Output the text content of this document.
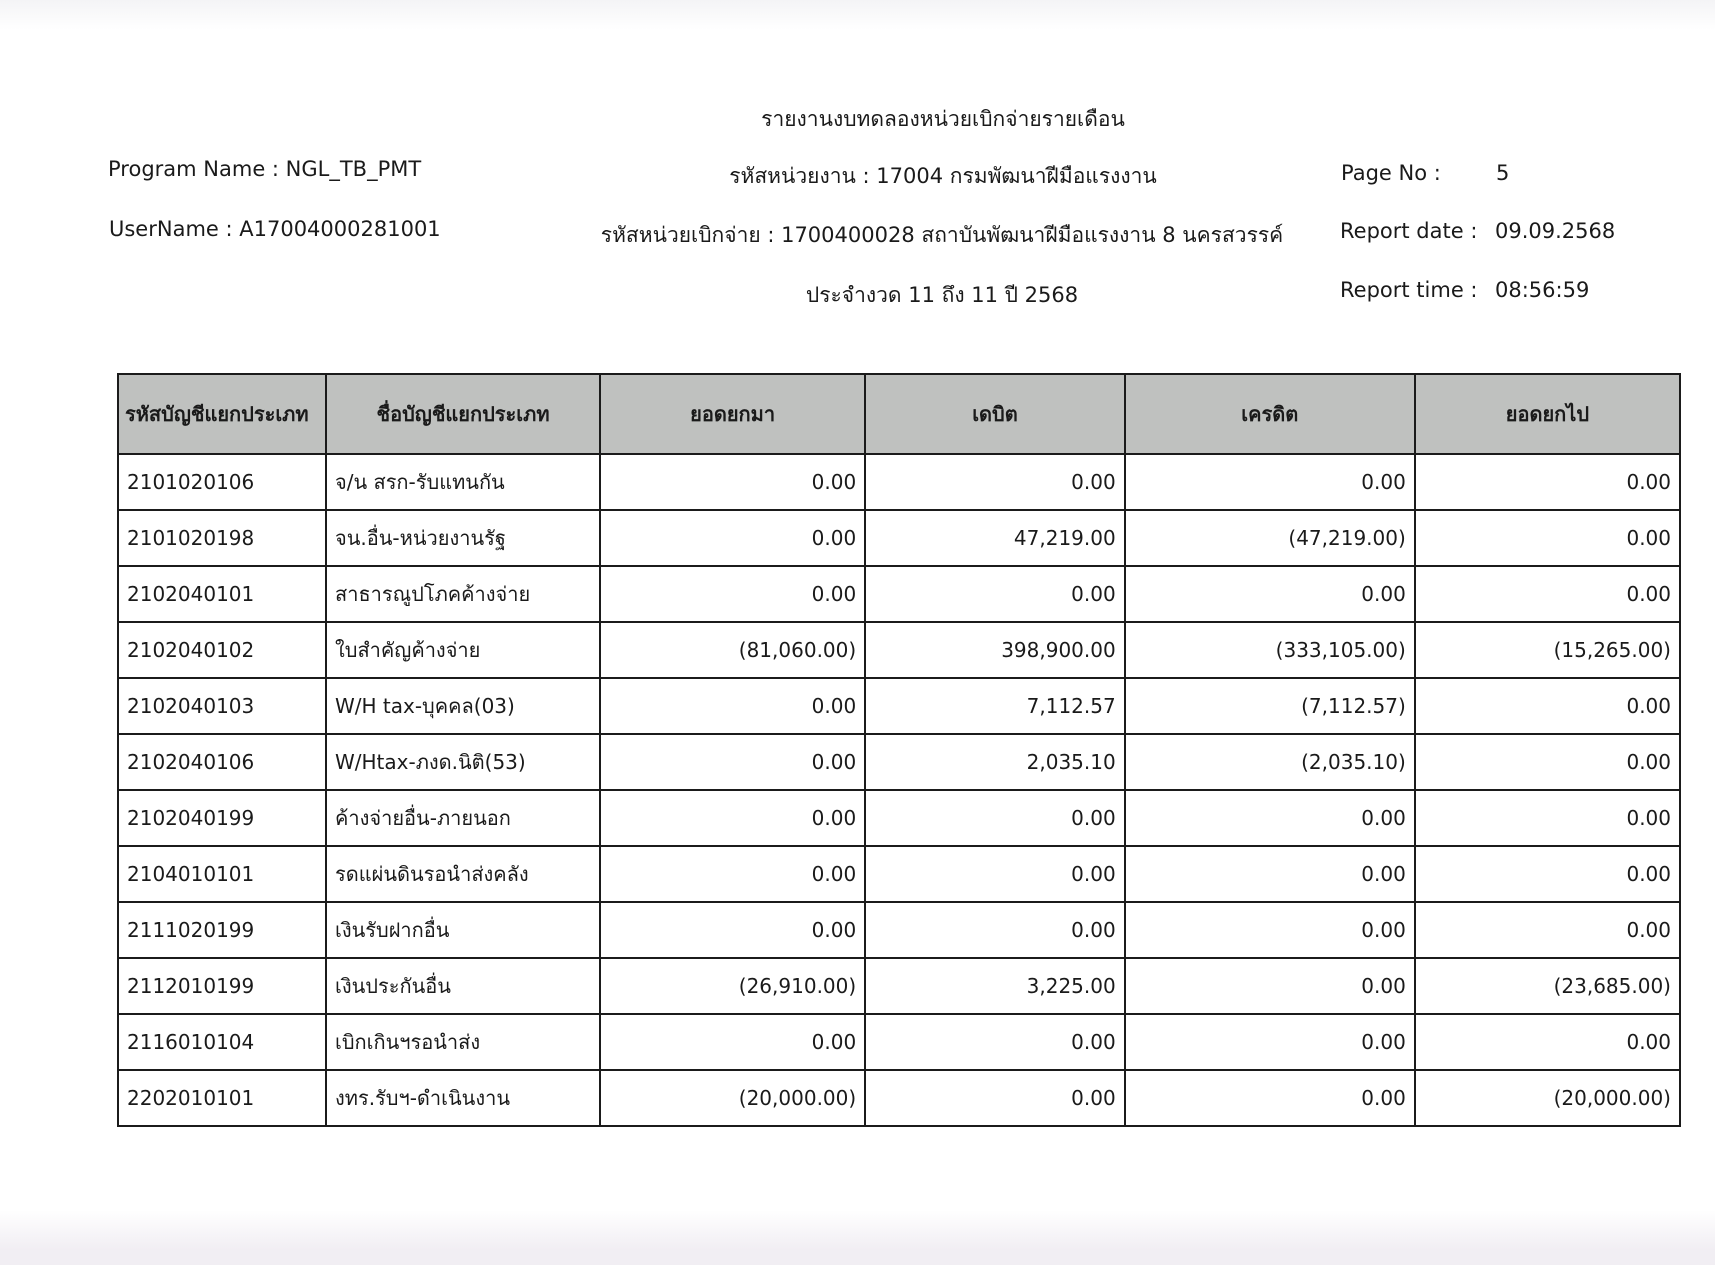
รายงานงบทดลองหน่วยเบิกจ่ายรายเดือน
Program Name : NGL_TB_PMT	รหัสหน่วยงาน : 17004 กรมพัฒนาฝีมือแรงงาน	Page No :	5
UserName : A17004000281001	รหัสหน่วยเบิกจ่าย : 1700400028 สถาบันพัฒนาฝีมือแรงงาน 8 นครสวรรค์	Report date : 09.09.2568
ประจำงวด 11 ถึง 11 ปี 2568	Report time : 08:56:59
รหัสบัญชีแยกประเภท	ชื่อบัญชีแยกประเภท	ยอดยกมา	เดบิต	เครดิต	ยอดยกไป
2101020106	จ/น สรก-รับแทนกัน	0.00	0.00	0.00	0.00
2101020198	จน.อื่น-หน่วยงานรัฐ	0.00	47,219.00	(47,219.00)	0.00
2102040101	สาธารณูปโภคค้างจ่าย	0.00	0.00	0.00	0.00
2102040102	ใบสำคัญค้างจ่าย	(81,060.00)	398,900.00	(333,105.00)	(15,265.00)
2102040103	W/H tax-บุคคล(03)	0.00	7,112.57	(7,112.57)	0.00
2102040106	W/Htax-ภงด.นิติ(53)	0.00	2,035.10	(2,035.10)	0.00
2102040199	ค้างจ่ายอื่น-ภายนอก	0.00	0.00	0.00	0.00
2104010101	รดแผ่นดินรอนำส่งคลัง	0.00	0.00	0.00	0.00
2111020199	เงินรับฝากอื่น	0.00	0.00	0.00	0.00
2112010199	เงินประกันอื่น	(26,910.00)	3,225.00	0.00	(23,685.00)
2116010104	เบิกเกินฯรอนำส่ง	0.00	0.00	0.00	0.00
2202010101	งทร.รับฯ-ดำเนินงาน	(20,000.00)	0.00	0.00	(20,000.00)
